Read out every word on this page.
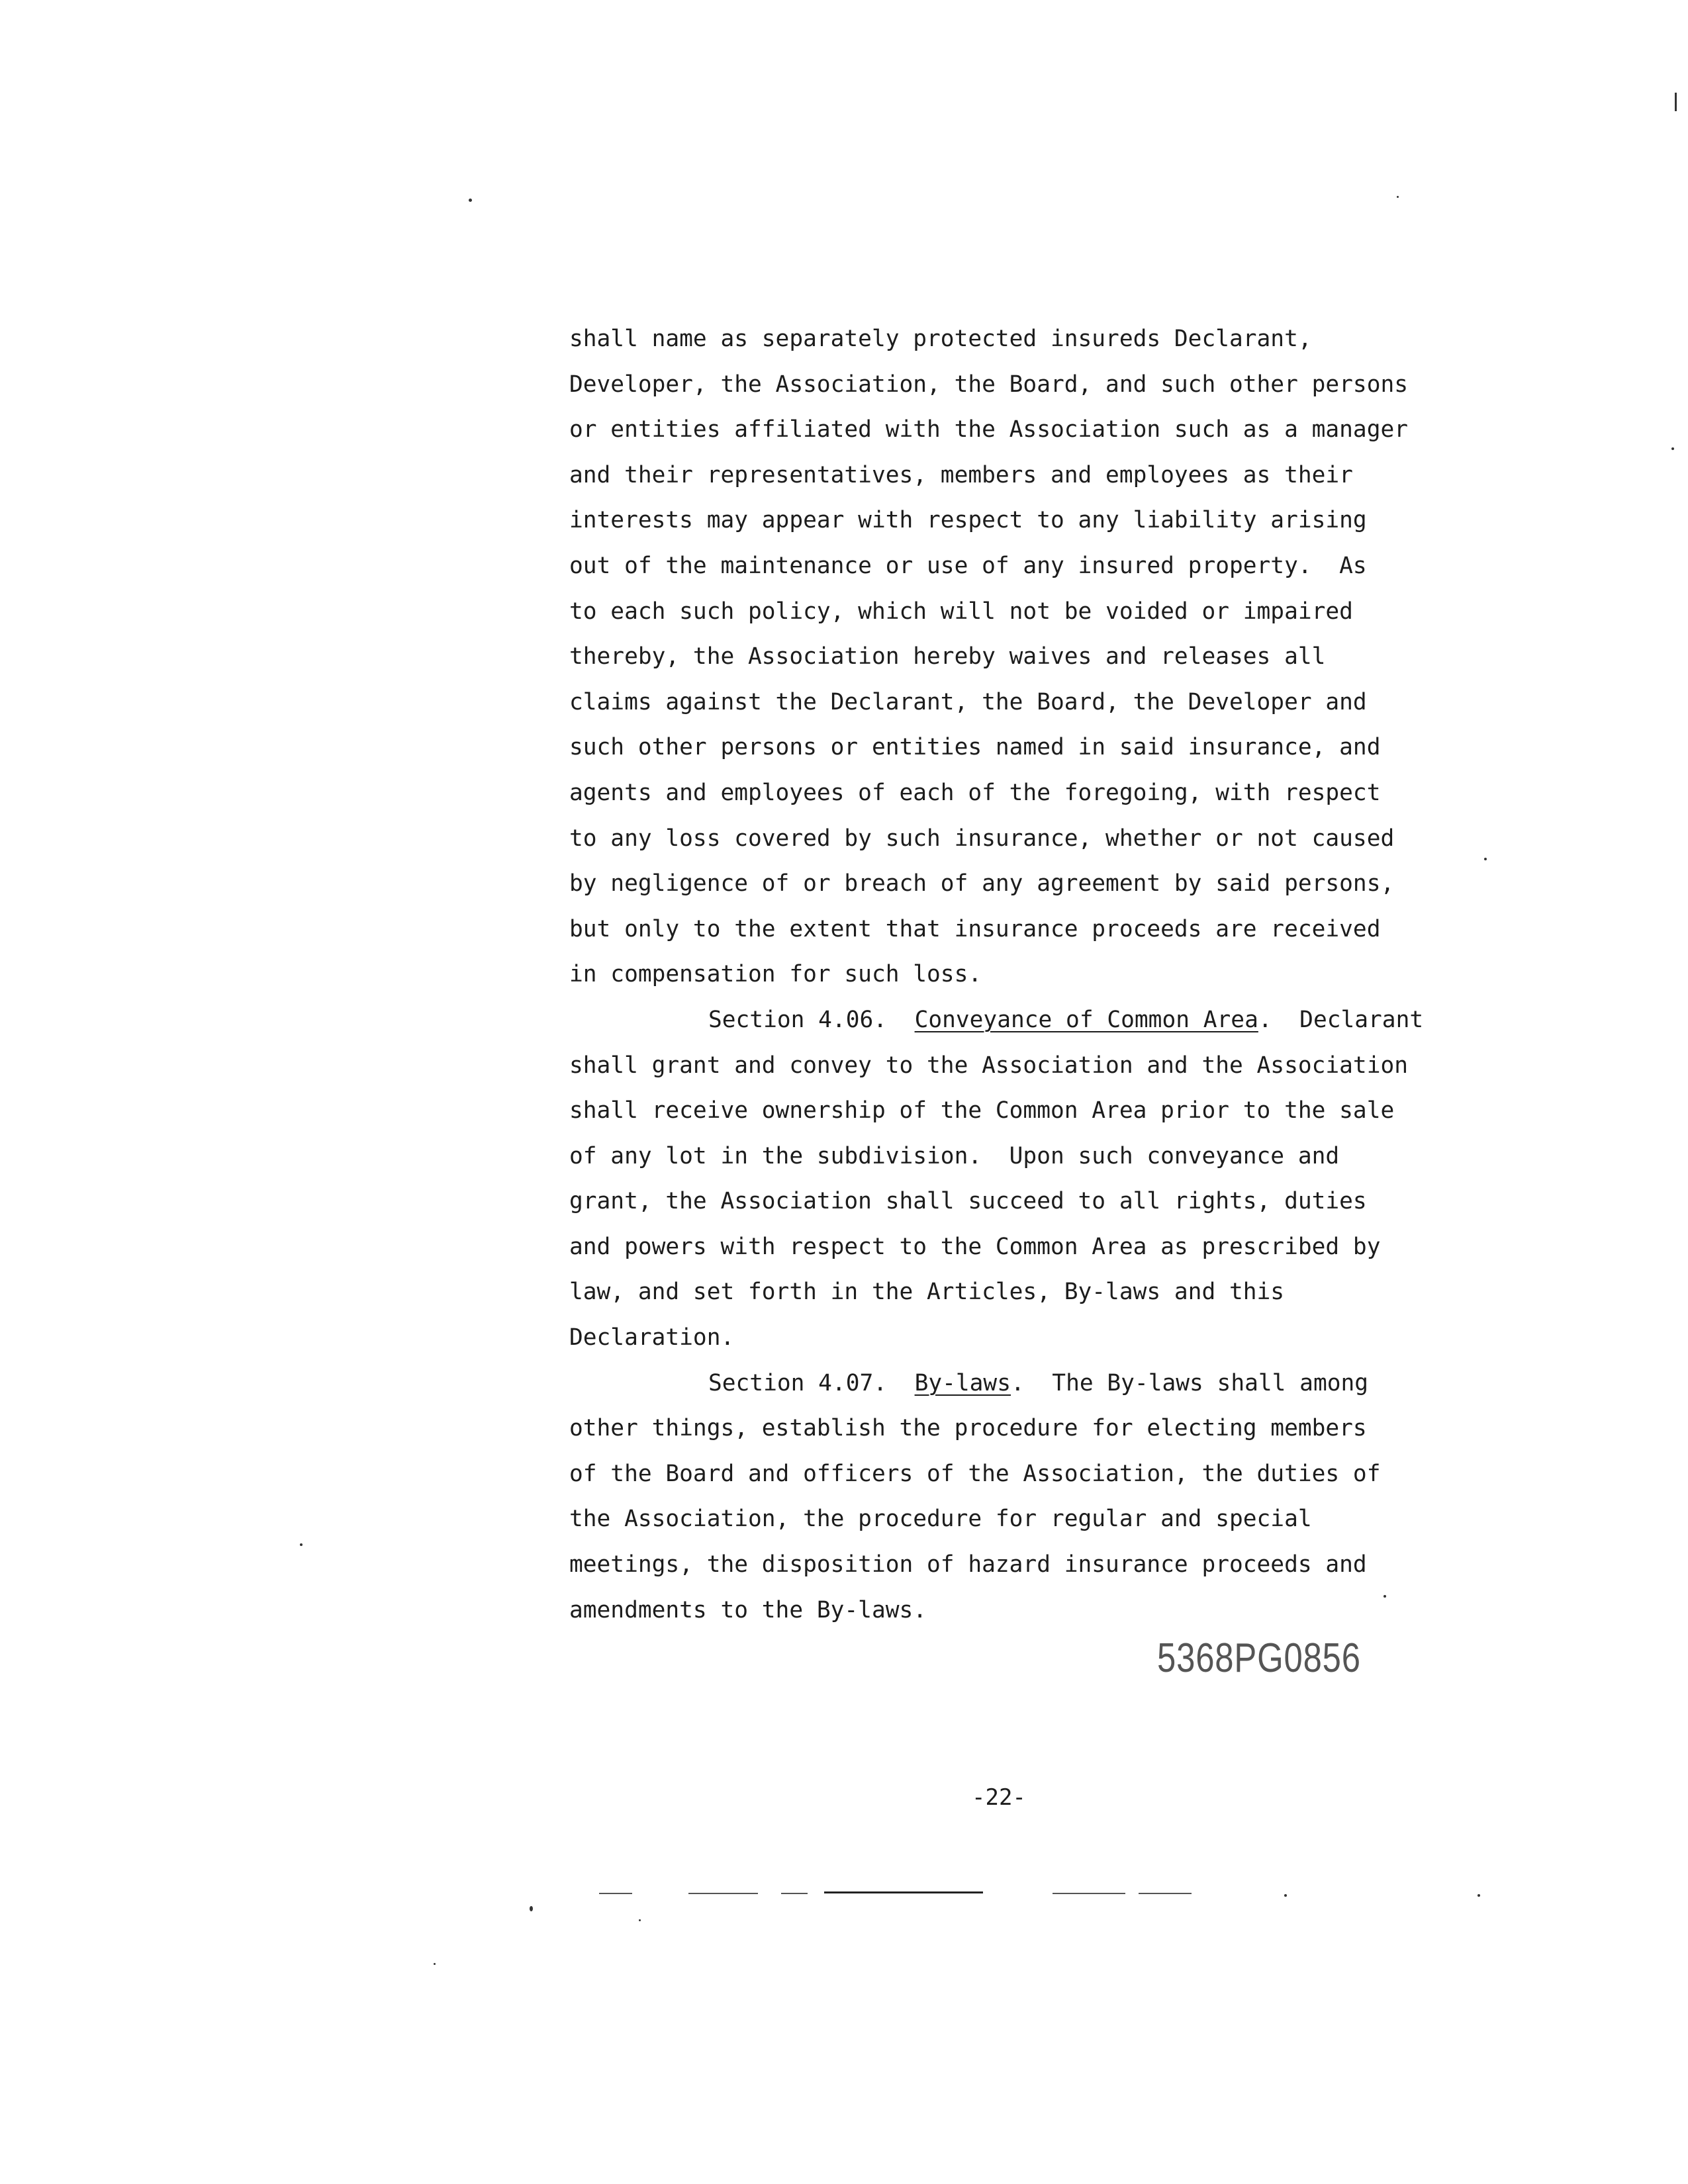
shall name as separately protected insureds Declarant,
Developer, the Association, the Board, and such other persons
or entities affiliated with the Association such as a manager
and their representatives, members and employees as their
interests may appear with respect to any liability arising
out of the maintenance or use of any insured property.  As
to each such policy, which will not be voided or impaired
thereby, the Association hereby waives and releases all
claims against the Declarant, the Board, the Developer and
such other persons or entities named in said insurance, and
agents and employees of each of the foregoing, with respect
to any loss covered by such insurance, whether or not caused
by negligence of or breach of any agreement by said persons,
but only to the extent that insurance proceeds are received
in compensation for such loss.
Section 4.06. Conveyance of Common Area.  Declarant
shall grant and convey to the Association and the Association
shall receive ownership of the Common Area prior to the sale
of any lot in the subdivision.  Upon such conveyance and
grant, the Association shall succeed to all rights, duties
and powers with respect to the Common Area as prescribed by
law, and set forth in the Articles, By-laws and this
Declaration.
Section 4.07. By-laws.  The By-laws shall among
other things, establish the procedure for electing members
of the Board and officers of the Association, the duties of
the Association, the procedure for regular and special
meetings, the disposition of hazard insurance proceeds and
amendments to the By-laws.
5368PG0856
-22-
